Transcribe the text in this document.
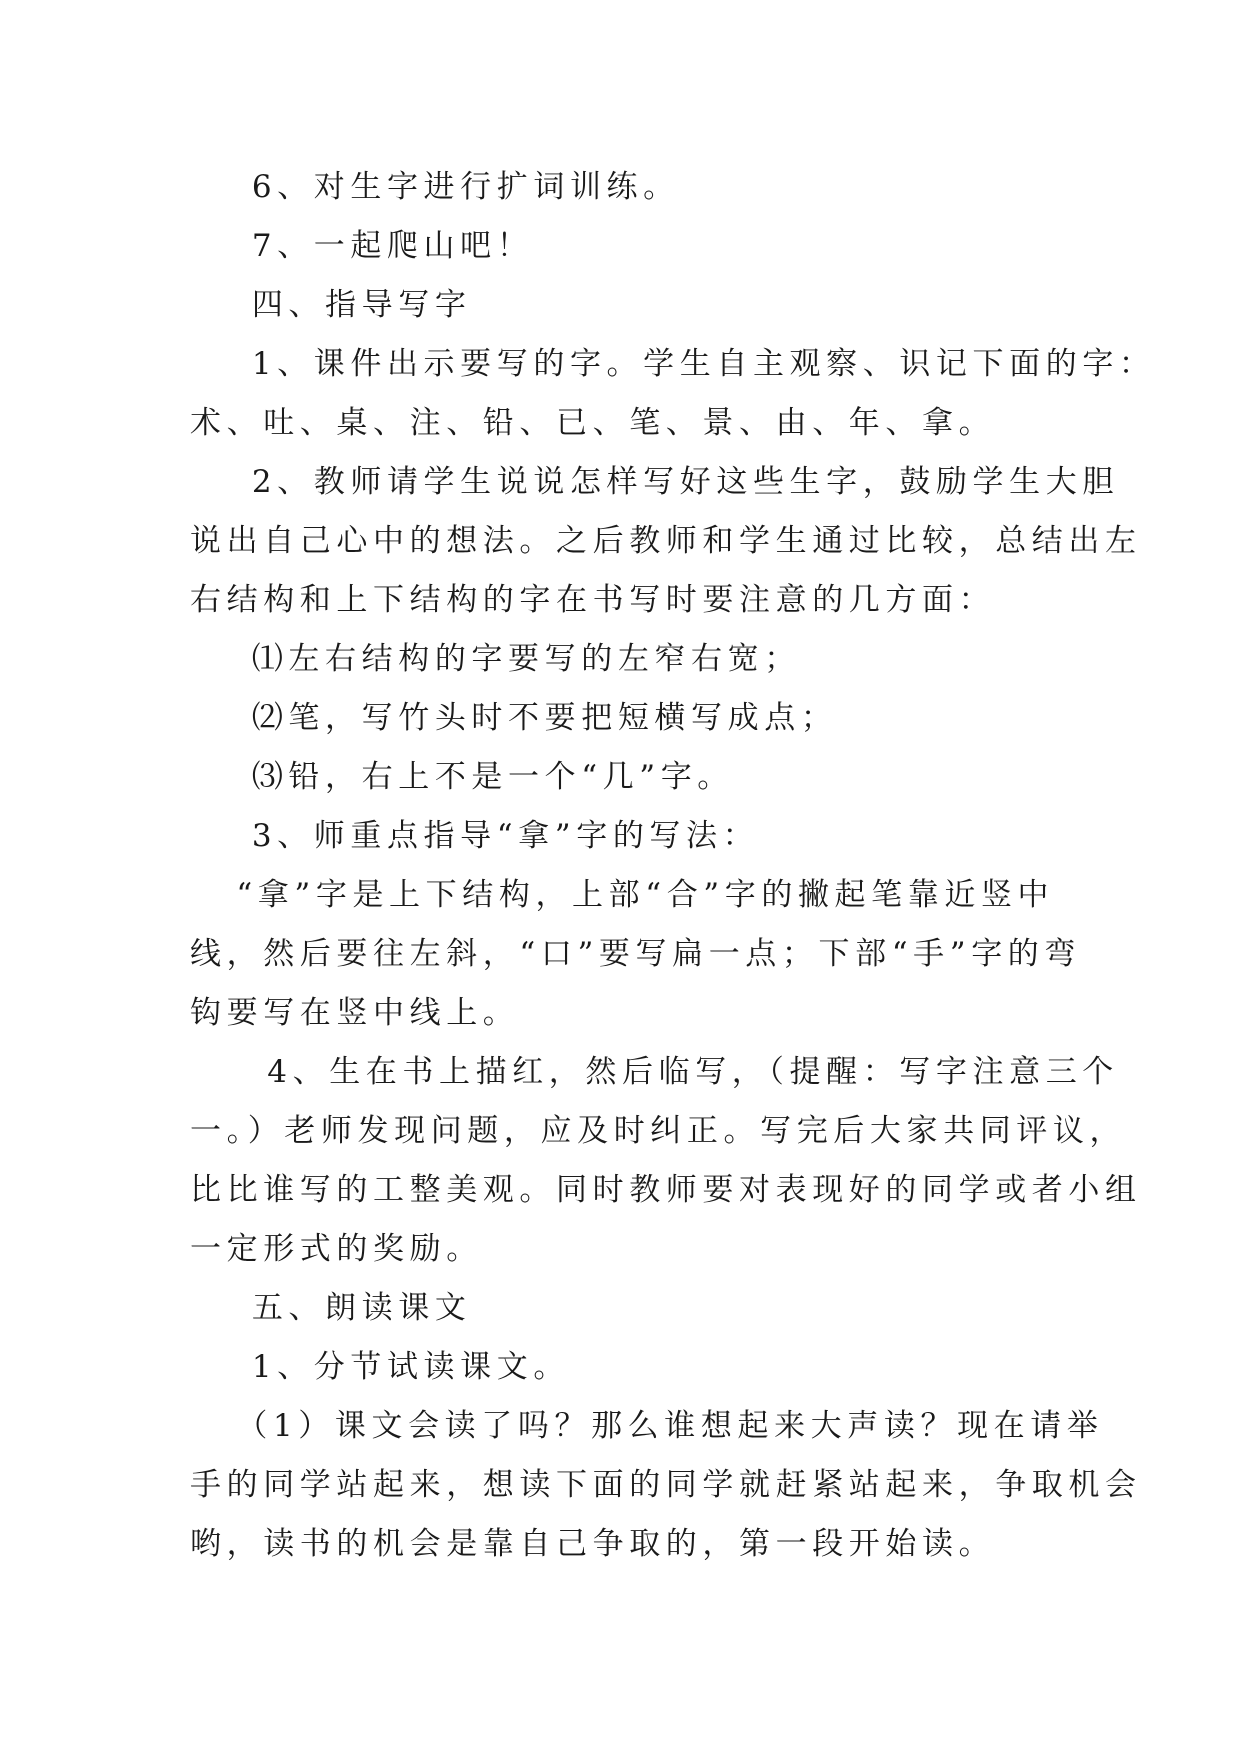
6、对生字进行扩词训练。
7、一起爬山吧！
四、指导写字
1、课件出示要写的字。学生自主观察、识记下面的字：
术、吐、桌、注、铅、已、笔、景、由、年、拿。
2、教师请学生说说怎样写好这些生字，鼓励学生大胆
说出自己心中的想法。之后教师和学生通过比较，总结出左
右结构和上下结构的字在书写时要注意的几方面：
⑴左右结构的字要写的左窄右宽；
⑵笔，写竹头时不要把短横写成点；
⑶铅，右上不是一个“几”字。
3、师重点指导“拿”字的写法：
“拿”字是上下结构，上部“合”字的撇起笔靠近竖中
线，然后要往左斜，“口”要写扁一点；下部“手”字的弯
钩要写在竖中线上。
4、生在书上描红，然后临写，（提醒：写字注意三个
一。）老师发现问题，应及时纠正。写完后大家共同评议，
比比谁写的工整美观。同时教师要对表现好的同学或者小组
一定形式的奖励。
五、朗读课文
1、分节试读课文。
（1）课文会读了吗？那么谁想起来大声读？现在请举
手的同学站起来，想读下面的同学就赶紧站起来，争取机会
哟，读书的机会是靠自己争取的，第一段开始读。
